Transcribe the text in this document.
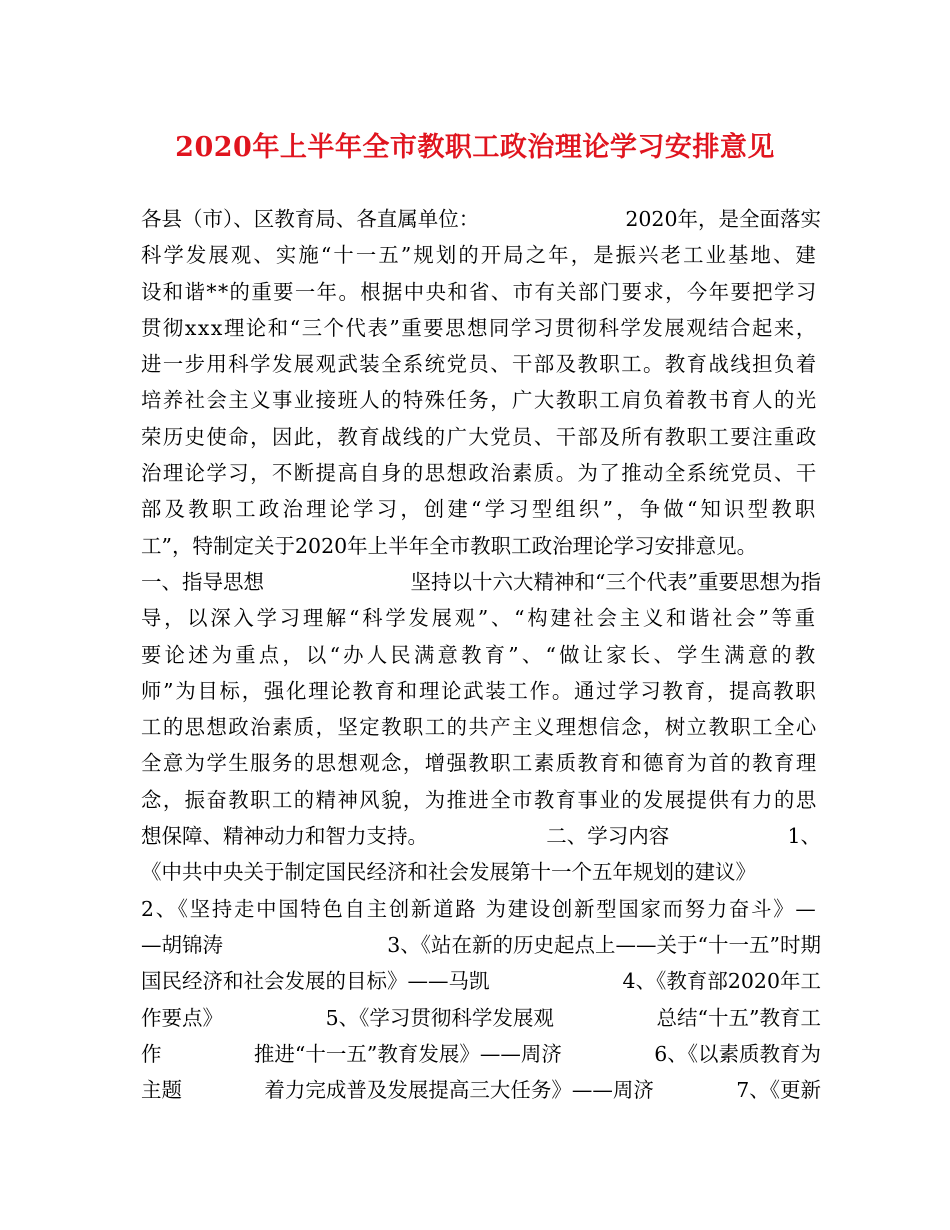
2020年上半年全市教职工政治理论学习安排意见
各县（市）、区教育局、各直属单位：	2020年，是全面落实
科学发展观、实施“十一五”规划的开局之年，是振兴老工业基地、建
设和谐**的重要一年。根据中央和省、市有关部门要求，今年要把学习
贯彻xxx理论和“三个代表”重要思想同学习贯彻科学发展观结合起来，
进一步用科学发展观武装全系统党员、干部及教职工。教育战线担负着
培养社会主义事业接班人的特殊任务，广大教职工肩负着教书育人的光
荣历史使命，因此，教育战线的广大党员、干部及所有教职工要注重政
治理论学习，不断提高自身的思想政治素质。为了推动全系统党员、干
部及教职工政治理论学习，创建“学习型组织”，争做“知识型教职
工”，特制定关于2020年上半年全市教职工政治理论学习安排意见。
一、指导思想	坚持以十六大精神和“三个代表”重要思想为指
导，以深入学习理解“科学发展观”、“构建社会主义和谐社会”等重
要论述为重点，以“办人民满意教育”、“做让家长、学生满意的教
师”为目标，强化理论教育和理论武装工作。通过学习教育，提高教职
工的思想政治素质，坚定教职工的共产主义理想信念，树立教职工全心
全意为学生服务的思想观念，增强教职工素质教育和德育为首的教育理
念，振奋教职工的精神风貌，为推进全市教育事业的发展提供有力的思
想保障、精神动力和智力支持。	二、学习内容	1、
《中共中央关于制定国民经济和社会发展第十一个五年规划的建议》
2、《坚持走中国特色自主创新道路 为建设创新型国家而努力奋斗》—
—胡锦涛	3、《站在新的历史起点上——关于“十一五”时期
国民经济和社会发展的目标》——马凯	4、《教育部2020年工
作要点》	5、《学习贯彻科学发展观	总结“十五”教育工
作	推进“十一五”教育发展》——周济	6、《以素质教育为
主题	着力完成普及发展提高三大任务》——周济	7、《更新
